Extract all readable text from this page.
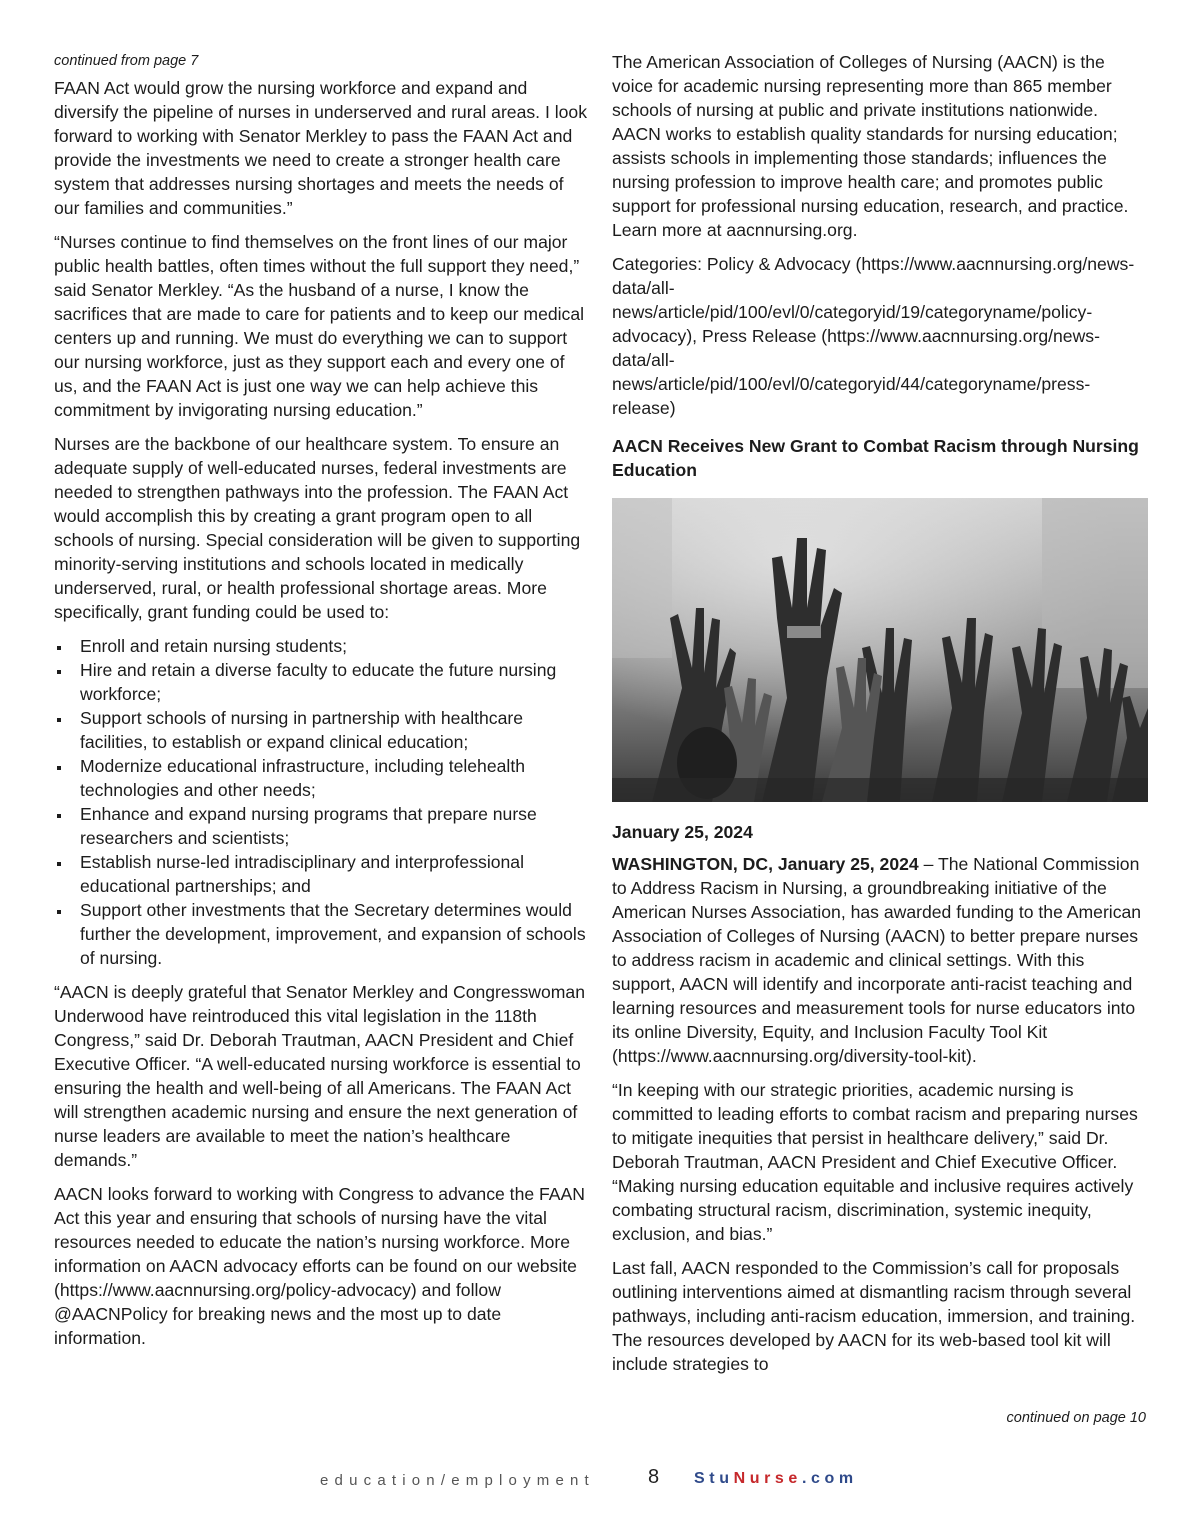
continued from page 7

FAAN Act would grow the nursing workforce and expand and diversify the pipeline of nurses in underserved and rural areas. I look forward to working with Senator Merkley to pass the FAAN Act and provide the investments we need to create a stronger health care system that addresses nursing shortages and meets the needs of our families and communities.”

“Nurses continue to find themselves on the front lines of our major public health battles, often times without the full support they need,” said Senator Merkley. “As the husband of a nurse, I know the sacrifices that are made to care for patients and to keep our medical centers up and running. We must do everything we can to support our nursing workforce, just as they support each and every one of us, and the FAAN Act is just one way we can help achieve this commitment by invigorating nursing education.”

Nurses are the backbone of our healthcare system. To ensure an adequate supply of well-educated nurses, federal investments are needed to strengthen pathways into the profession. The FAAN Act would accomplish this by creating a grant program open to all schools of nursing. Special consideration will be given to supporting minority-serving institutions and schools located in medically underserved, rural, or health professional shortage areas. More specifically, grant funding could be used to:

Enroll and retain nursing students;
Hire and retain a diverse faculty to educate the future nursing workforce;
Support schools of nursing in partnership with healthcare facilities, to establish or expand clinical education;
Modernize educational infrastructure, including telehealth technologies and other needs;
Enhance and expand nursing programs that prepare nurse researchers and scientists;
Establish nurse-led intradisciplinary and interprofessional educational partnerships; and
Support other investments that the Secretary determines would further the development, improvement, and expansion of schools of nursing.

“AACN is deeply grateful that Senator Merkley and Congresswoman Underwood have reintroduced this vital legislation in the 118th Congress,” said Dr. Deborah Trautman, AACN President and Chief Executive Officer. “A well-educated nursing workforce is essential to ensuring the health and well-being of all Americans. The FAAN Act will strengthen academic nursing and ensure the next generation of nurse leaders are available to meet the nation’s healthcare demands.”

AACN looks forward to working with Congress to advance the FAAN Act this year and ensuring that schools of nursing have the vital resources needed to educate the nation’s nursing workforce. More information on AACN advocacy efforts can be found on our website (https://www.aacnnursing.org/policy-advocacy) and follow @AACNPolicy for breaking news and the most up to date information.

The American Association of Colleges of Nursing (AACN) is the voice for academic nursing representing more than 865 member schools of nursing at public and private institutions nationwide. AACN works to establish quality standards for nursing education; assists schools in implementing those standards; influences the nursing profession to improve health care; and promotes public support for professional nursing education, research, and practice. Learn more at aacnnursing.org.

Categories: Policy & Advocacy (https://www.aacnnursing.org/news-data/all-news/article/pid/100/evl/0/categoryid/19/categoryname/policy-advocacy), Press Release (https://www.aacnnursing.org/news-data/all-news/article/pid/100/evl/0/categoryid/44/categoryname/press-release)

AACN Receives New Grant to Combat Racism through Nursing Education

January 25, 2024

WASHINGTON, DC, January 25, 2024 – The National Commission to Address Racism in Nursing, a groundbreaking initiative of the American Nurses Association, has awarded funding to the American Association of Colleges of Nursing (AACN) to better prepare nurses to address racism in academic and clinical settings. With this support, AACN will identify and incorporate anti-racist teaching and learning resources and measurement tools for nurse educators into its online Diversity, Equity, and Inclusion Faculty Tool Kit (https://www.aacnnursing.org/diversity-tool-kit).

“In keeping with our strategic priorities, academic nursing is committed to leading efforts to combat racism and preparing nurses to mitigate inequities that persist in healthcare delivery,” said Dr. Deborah Trautman, AACN President and Chief Executive Officer. “Making nursing education equitable and inclusive requires actively combating structural racism, discrimination, systemic inequity, exclusion, and bias.”

Last fall, AACN responded to the Commission’s call for proposals outlining interventions aimed at dismantling racism through several pathways, including anti-racism education, immersion, and training. The resources developed by AACN for its web-based tool kit will include strategies to

continued on page 10
education/employment	8 StuNurse.com
